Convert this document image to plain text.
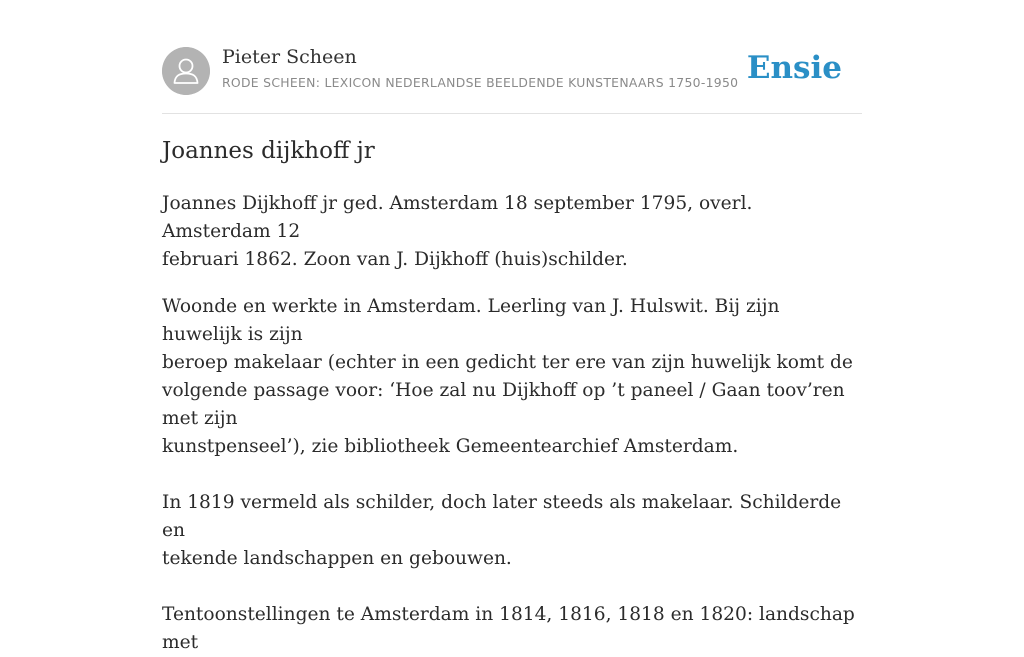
Pieter Scheen
RODE SCHEEN: LEXICON NEDERLANDSE BEELDENDE KUNSTENAARS 1750-1950 Ensie
Joannes dijkhoff jr

Joannes Dijkhoff jr ged. Amsterdam 18 september 1795, overl. Amsterdam 12
februari 1862. Zoon van J. Dijkhoff (huis)schilder.

Woonde en werkte in Amsterdam. Leerling van J. Hulswit. Bij zijn huwelijk is zijn
beroep makelaar (echter in een gedicht ter ere van zijn huwelijk komt de
volgende passage voor: ‘Hoe zal nu Dijkhoff op ’t paneel / Gaan toov’ren met zijn
kunstpenseel’), zie bibliotheek Gemeentearchief Amsterdam.

In 1819 vermeld als schilder, doch later steeds als makelaar. Schilderde en
tekende landschappen en gebouwen.

Tentoonstellingen te Amsterdam in 1814, 1816, 1818 en 1820: landschap met
